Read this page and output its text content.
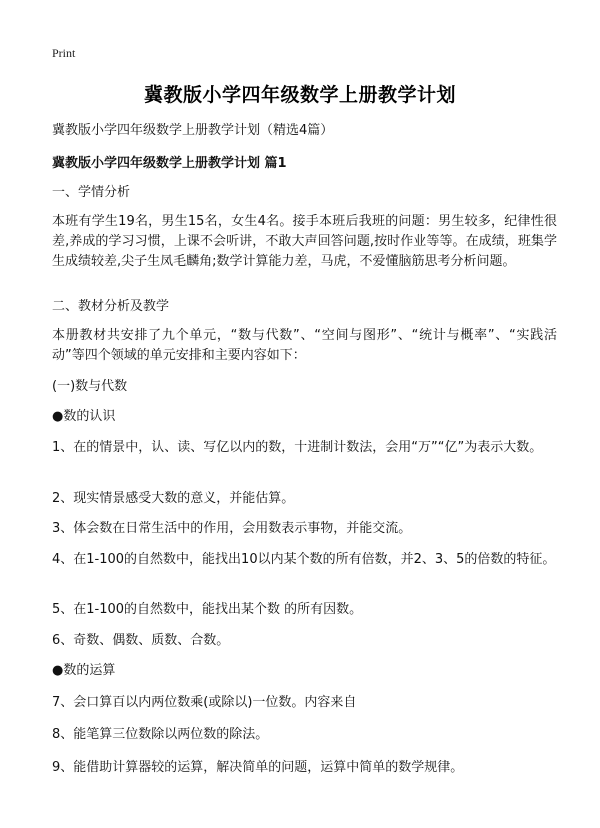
Print
冀教版小学四年级数学上册教学计划
冀教版小学四年级数学上册教学计划（精选4篇）
冀教版小学四年级数学上册教学计划 篇1
一、学情分析
本班有学生19名，男生15名，女生4名。接手本班后我班的问题：男生较多，纪律性很差,养成的学习习惯，上课不会听讲，不敢大声回答问题,按时作业等等。在成绩，班集学生成绩较差,尖子生凤毛麟角;数学计算能力差，马虎，不爱懂脑筋思考分析问题。
二、教材分析及教学
本册教材共安排了九个单元，“数与代数”、“空间与图形”、“统计与概率”、“实践活动”等四个领域的单元安排和主要内容如下：
(一)数与代数
●数的认识
1、在的情景中，认、读、写亿以内的数，十进制计数法，会用“万”“亿”为表示大数。
2、现实情景感受大数的意义，并能估算。
3、体会数在日常生活中的作用，会用数表示事物，并能交流。
4、在1-100的自然数中，能找出10以内某个数的所有倍数，并2、3、5的倍数的特征。
5、在1-100的自然数中，能找出某个数 的所有因数。
6、奇数、偶数、质数、合数。
●数的运算
7、会口算百以内两位数乘(或除以)一位数。内容来自
8、能笔算三位数除以两位数的除法。
9、能借助计算器较的运算，解决简单的问题，运算中简单的数学规律。
